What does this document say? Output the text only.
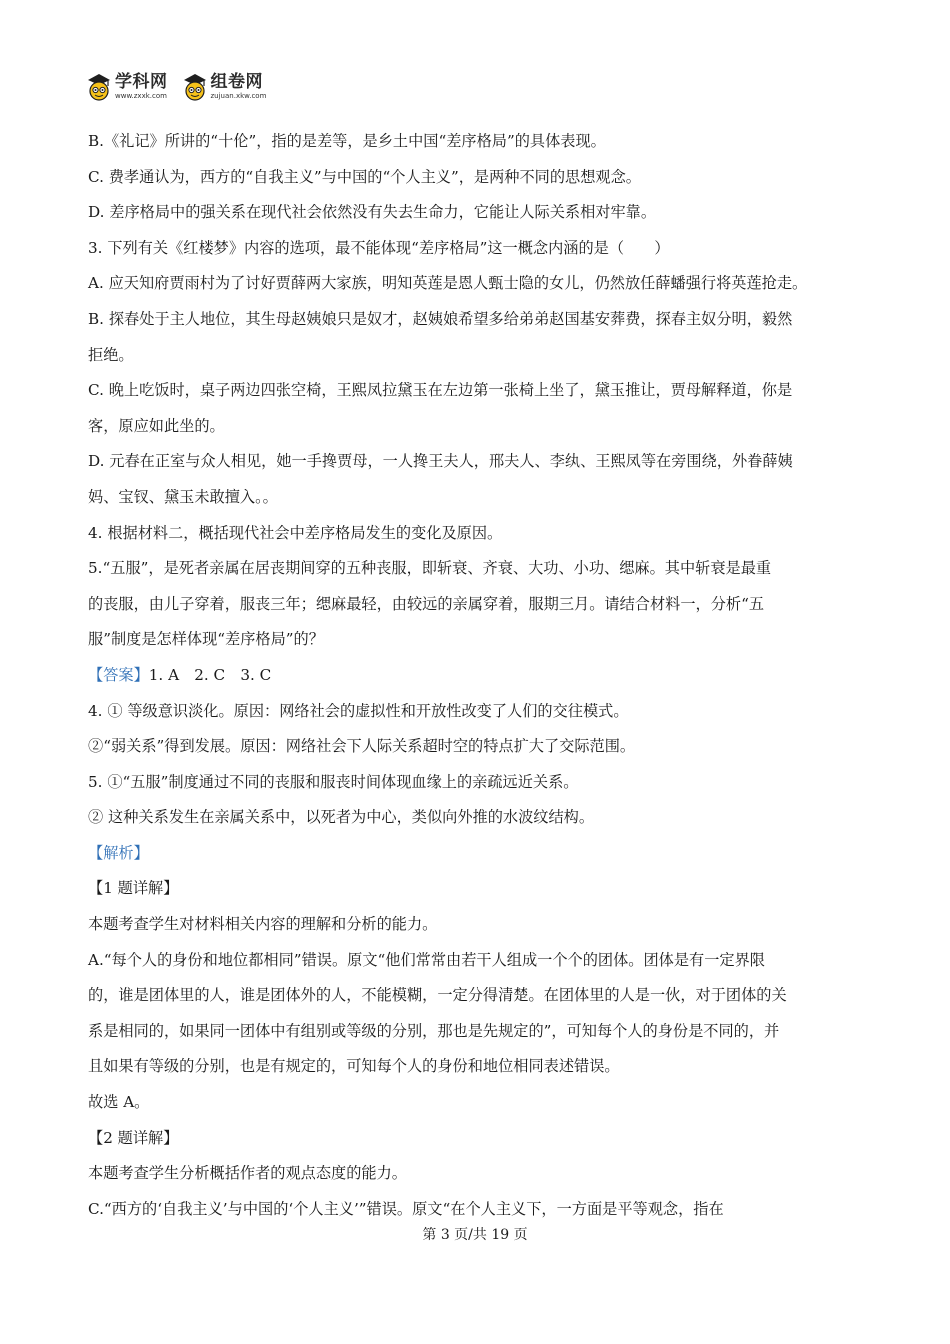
学科网
www.zxxk.com
组卷网
zujuan.xkw.com
B.《礼记》所讲的“十伦”，指的是差等，是乡土中国“差序格局”的具体表现。
C. 费孝通认为，西方的“自我主义”与中国的“个人主义”，是两种不同的思想观念。
D. 差序格局中的强关系在现代社会依然没有失去生命力，它能让人际关系相对牢靠。
3. 下列有关《红楼梦》内容的选项，最不能体现“差序格局”这一概念内涵的是（　　）
A. 应天知府贾雨村为了讨好贾薛两大家族，明知英莲是恩人甄士隐的女儿，仍然放任薛蟠强行将英莲抢走。
B. 探春处于主人地位，其生母赵姨娘只是奴才，赵姨娘希望多给弟弟赵国基安葬费，探春主奴分明，毅然
拒绝。
C. 晚上吃饭时，桌子两边四张空椅，王熙凤拉黛玉在左边第一张椅上坐了，黛玉推让，贾母解释道，你是
客，原应如此坐的。
D. 元春在正室与众人相见，她一手搀贾母，一人搀王夫人，邢夫人、李纨、王熙凤等在旁围绕，外眷薛姨
妈、宝钗、黛玉未敢擅入。。
4. 根据材料二，概括现代社会中差序格局发生的变化及原因。
5.“五服”，是死者亲属在居丧期间穿的五种丧服，即斩衰、齐衰、大功、小功、缌麻。其中斩衰是最重
的丧服，由儿子穿着，服丧三年；缌麻最轻，由较远的亲属穿着，服期三月。请结合材料一，分析“五
服”制度是怎样体现“差序格局”的？
【答案】1. A　2. C　3. C
4. ① 等级意识淡化。原因：网络社会的虚拟性和开放性改变了人们的交往模式。
②“弱关系”得到发展。原因：网络社会下人际关系超时空的特点扩大了交际范围。
5. ①“五服”制度通过不同的丧服和服丧时间体现血缘上的亲疏远近关系。
② 这种关系发生在亲属关系中，以死者为中心，类似向外推的水波纹结构。
【解析】
【1 题详解】
本题考查学生对材料相关内容的理解和分析的能力。
A.“每个人的身份和地位都相同”错误。原文“他们常常由若干人组成一个个的团体。团体是有一定界限
的，谁是团体里的人，谁是团体外的人，不能模糊，一定分得清楚。在团体里的人是一伙，对于团体的关
系是相同的，如果同一团体中有组别或等级的分别，那也是先规定的”，可知每个人的身份是不同的，并
且如果有等级的分别，也是有规定的，可知每个人的身份和地位相同表述错误。
故选 A。
【2 题详解】
本题考查学生分析概括作者的观点态度的能力。
C.“西方的‘自我主义’与中国的‘个人主义’”错误。原文“在个人主义下，一方面是平等观念，指在
第 3 页/共 19 页
